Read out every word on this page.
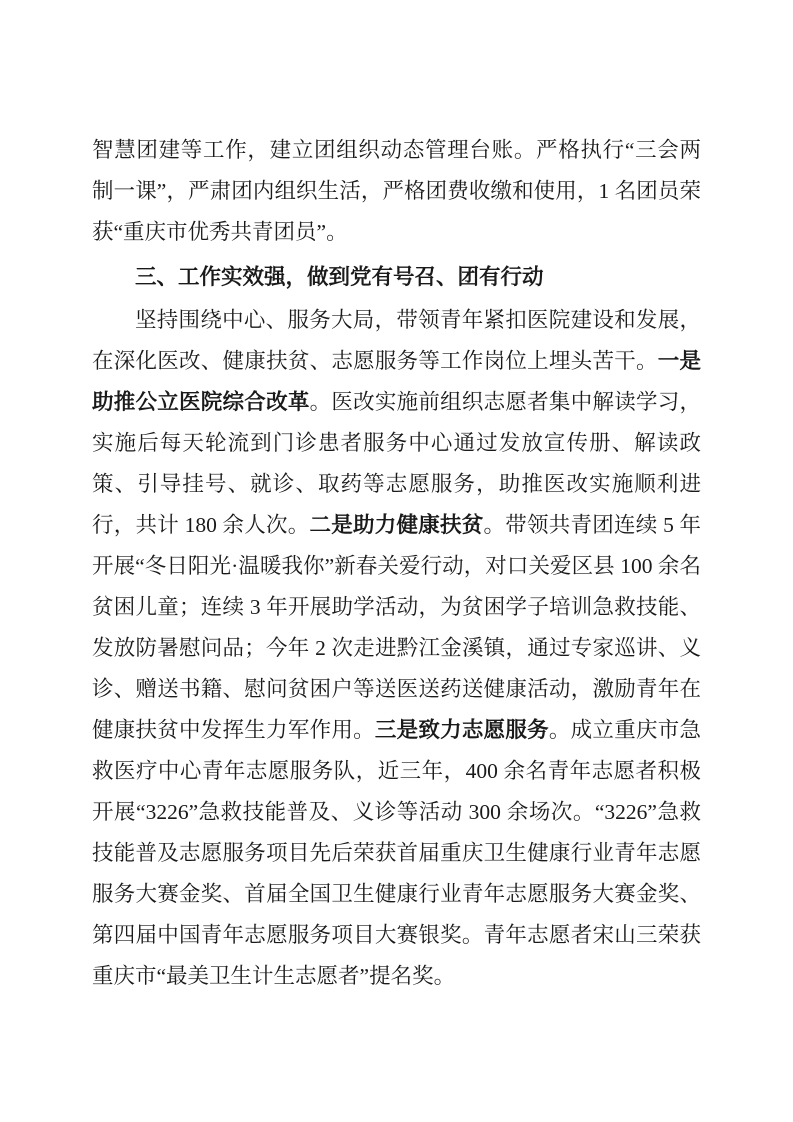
智慧团建等工作，建立团组织动态管理台账。严格执行“三会两制一课”，严肃团内组织生活，严格团费收缴和使用，1 名团员荣获“重庆市优秀共青团员”。

三、工作实效强，做到党有号召、团有行动

坚持围绕中心、服务大局，带领青年紧扣医院建设和发展，在深化医改、健康扶贫、志愿服务等工作岗位上埋头苦干。一是助推公立医院综合改革。医改实施前组织志愿者集中解读学习，实施后每天轮流到门诊患者服务中心通过发放宣传册、解读政策、引导挂号、就诊、取药等志愿服务，助推医改实施顺利进行，共计 180 余人次。二是助力健康扶贫。带领共青团连续 5 年开展“冬日阳光·温暖我你”新春关爱行动，对口关爱区县 100 余名贫困儿童；连续 3 年开展助学活动，为贫困学子培训急救技能、发放防暑慰问品；今年 2 次走进黔江金溪镇，通过专家巡讲、义诊、赠送书籍、慰问贫困户等送医送药送健康活动，激励青年在健康扶贫中发挥生力军作用。三是致力志愿服务。成立重庆市急救医疗中心青年志愿服务队，近三年，400 余名青年志愿者积极开展“3226”急救技能普及、义诊等活动 300 余场次。“3226”急救技能普及志愿服务项目先后荣获首届重庆卫生健康行业青年志愿服务大赛金奖、首届全国卫生健康行业青年志愿服务大赛金奖、第四届中国青年志愿服务项目大赛银奖。青年志愿者宋山三荣获重庆市“最美卫生计生志愿者”提名奖。
